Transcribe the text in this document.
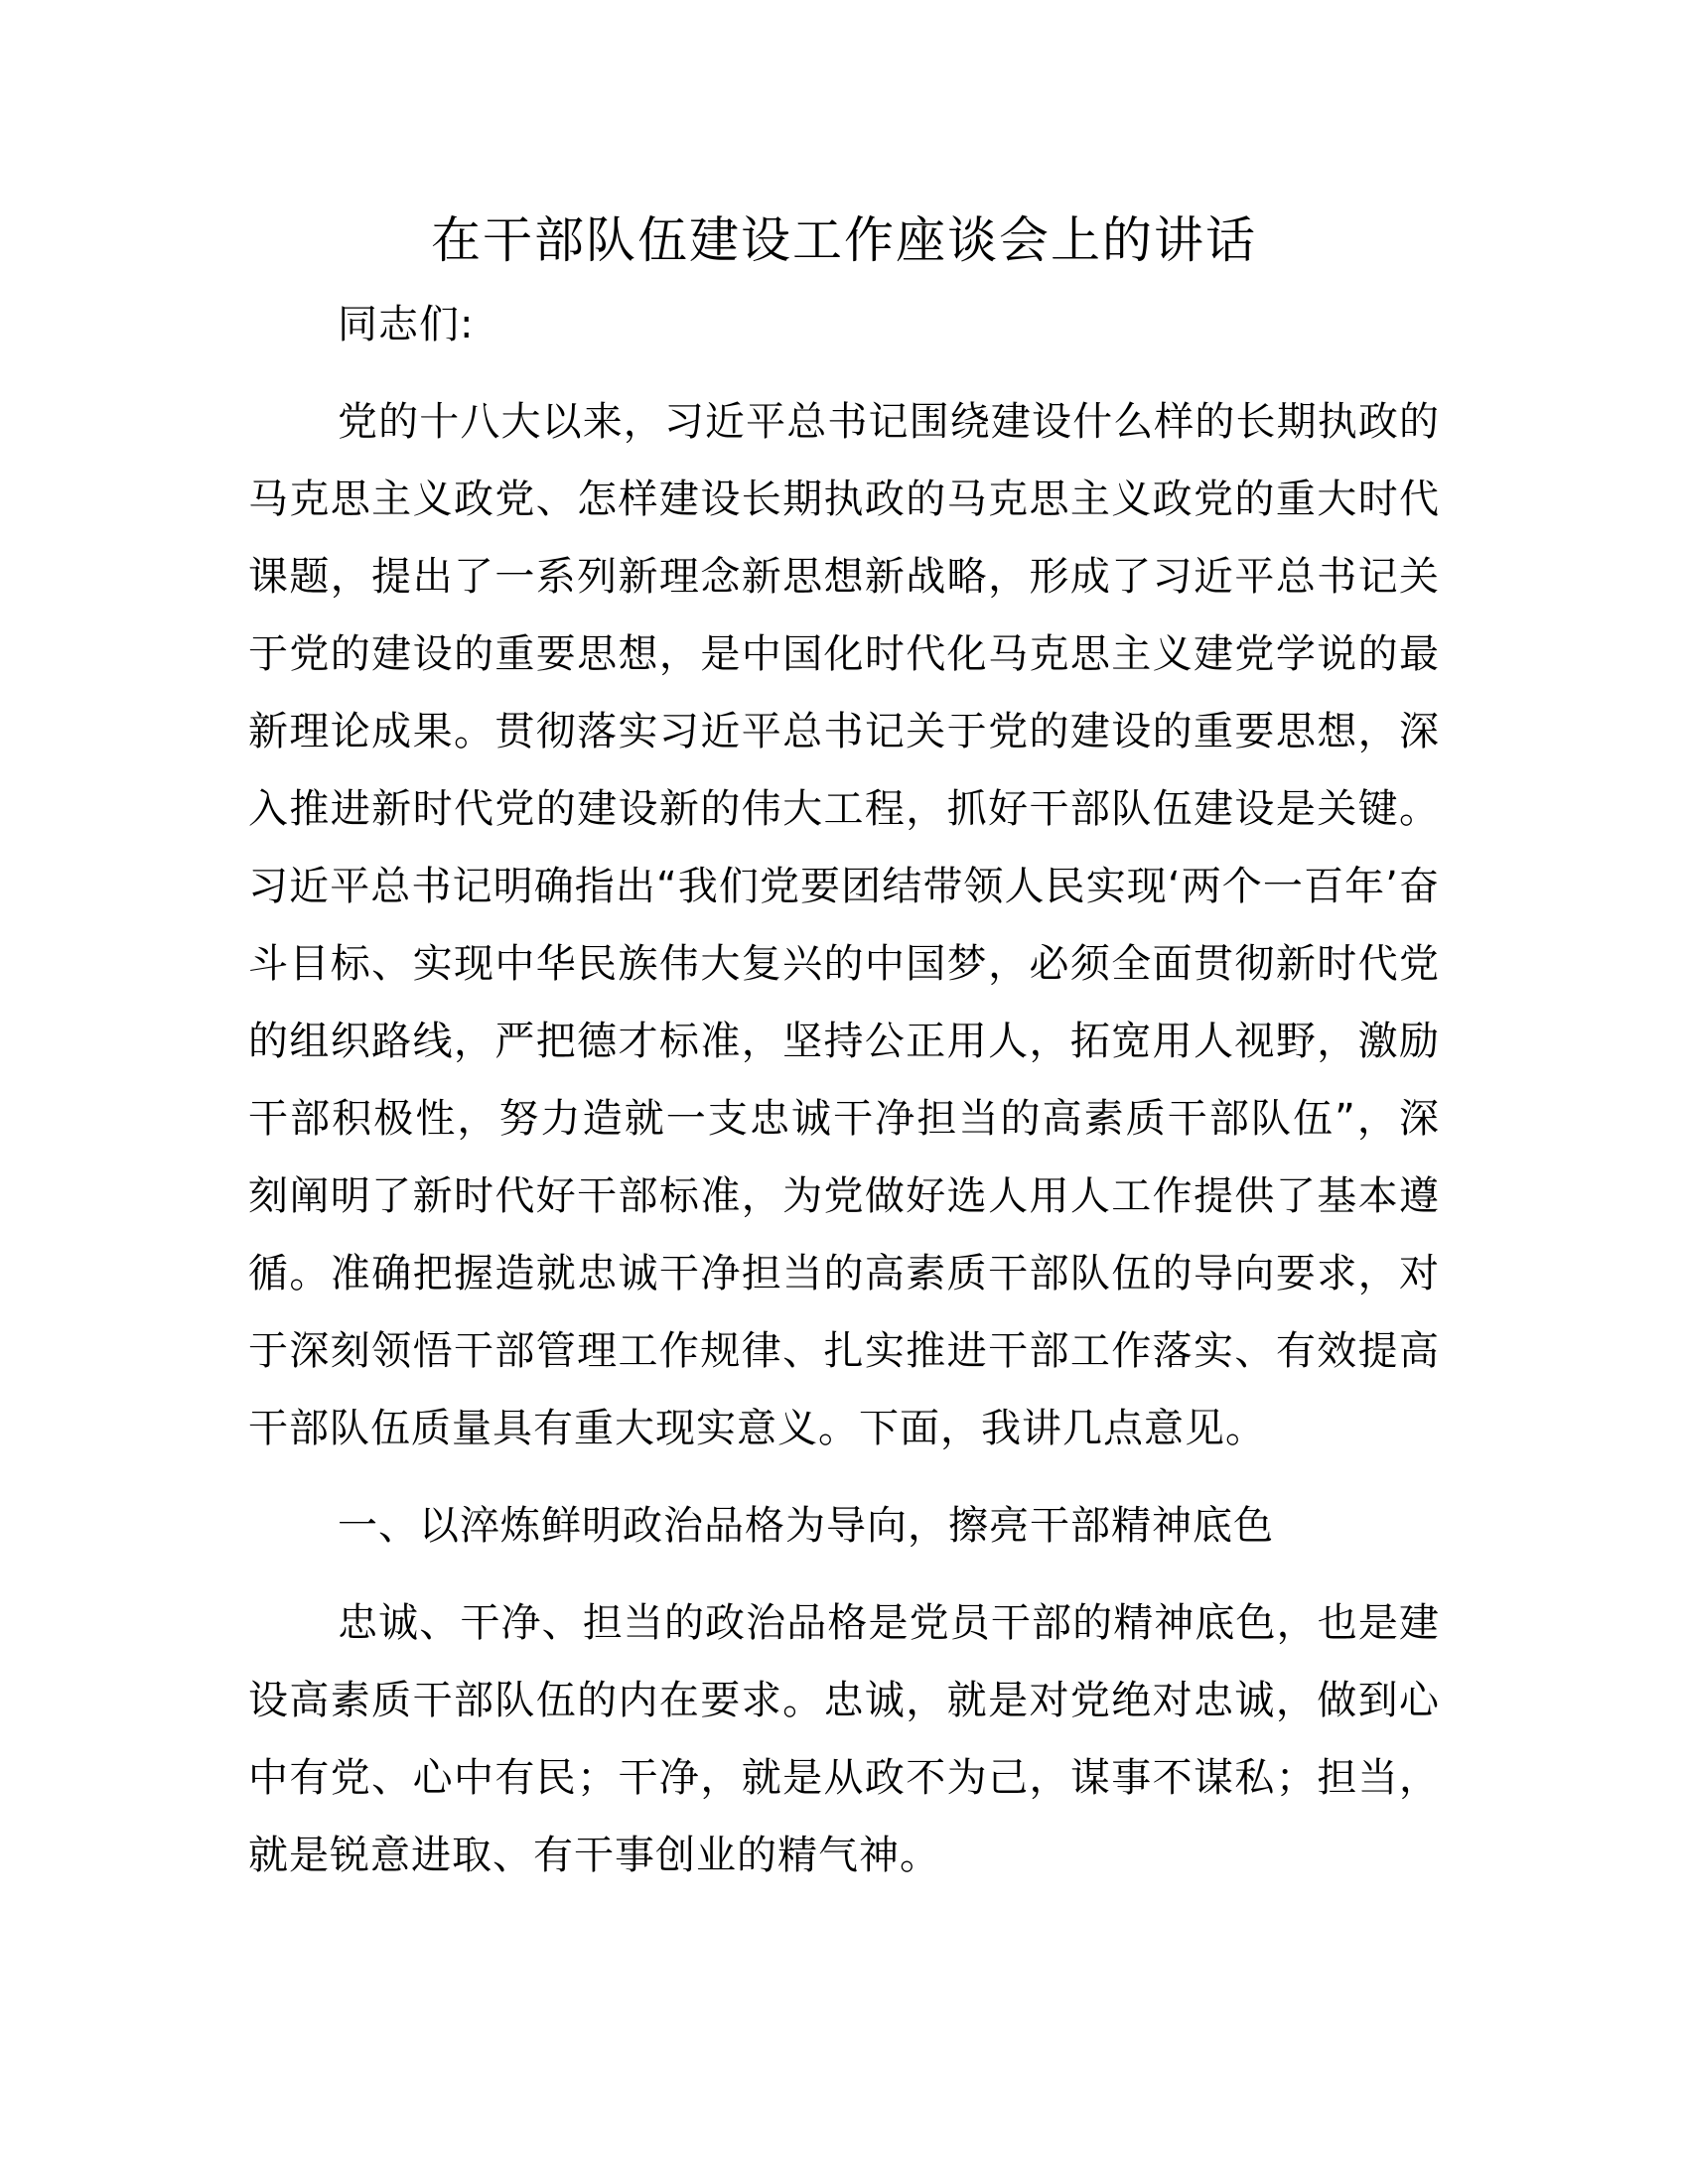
在干部队伍建设工作座谈会上的讲话

同志们:

党的十八大以来，习近平总书记围绕建设什么样的长期执政的马克思主义政党、怎样建设长期执政的马克思主义政党的重大时代课题，提出了一系列新理念新思想新战略，形成了习近平总书记关于党的建设的重要思想，是中国化时代化马克思主义建党学说的最新理论成果。贯彻落实习近平总书记关于党的建设的重要思想，深入推进新时代党的建设新的伟大工程，抓好干部队伍建设是关键。习近平总书记明确指出“我们党要团结带领人民实现‘两个一百年’奋斗目标、实现中华民族伟大复兴的中国梦，必须全面贯彻新时代党的组织路线，严把德才标准，坚持公正用人，拓宽用人视野，激励干部积极性，努力造就一支忠诚干净担当的高素质干部队伍”，深刻阐明了新时代好干部标准，为党做好选人用人工作提供了基本遵循。准确把握造就忠诚干净担当的高素质干部队伍的导向要求，对于深刻领悟干部管理工作规律、扎实推进干部工作落实、有效提高干部队伍质量具有重大现实意义。下面，我讲几点意见。

一、以淬炼鲜明政治品格为导向，擦亮干部精神底色

忠诚、干净、担当的政治品格是党员干部的精神底色，也是建设高素质干部队伍的内在要求。忠诚，就是对党绝对忠诚，做到心中有党、心中有民；干净，就是从政不为己，谋事不谋私；担当，就是锐意进取、有干事创业的精气神。
